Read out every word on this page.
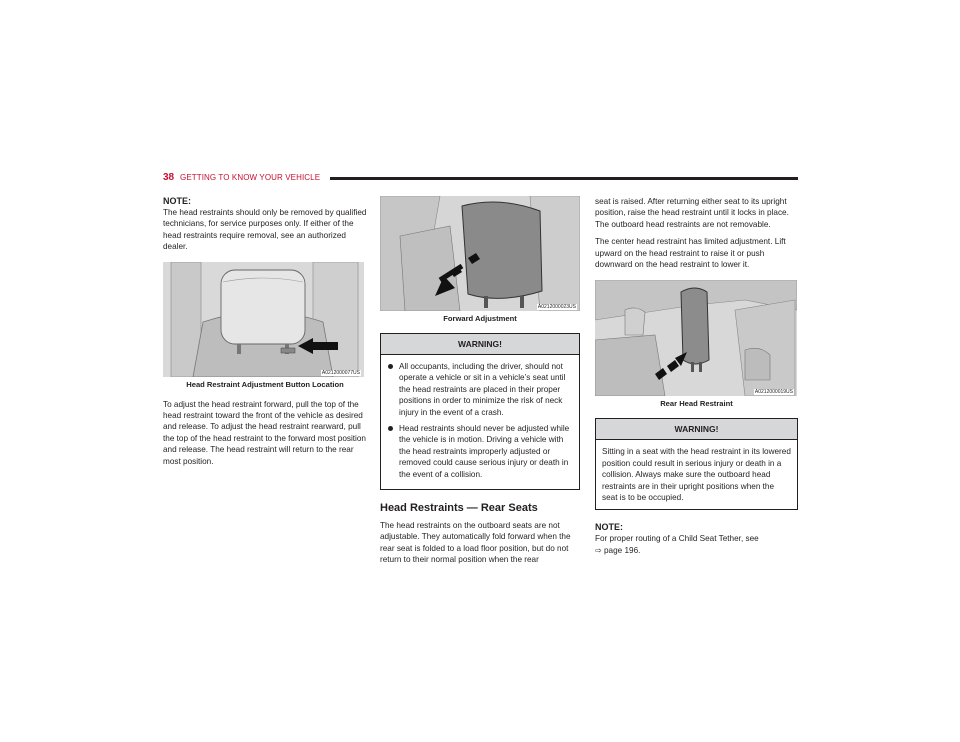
38 GETTING TO KNOW YOUR VEHICLE
NOTE:

The head restraints should only be removed by qualified technicians, for service purposes only. If either of the head restraints require removal, see an authorized dealer.

A0212000077US
Head Restraint Adjustment Button Location

To adjust the head restraint forward, pull the top of the head restraint toward the front of the vehicle as desired and release. To adjust the head restraint rearward, pull the top of the head restraint to the forward most position and release. The head restraint will return to the rear most position.

A0212000023US
Forward Adjustment
WARNING!
All occupants, including the driver, should not operate a vehicle or sit in a vehicle’s seat until the head restraints are placed in their proper positions in order to minimize the risk of neck injury in the event of a crash.
Head restraints should never be adjusted while the vehicle is in motion. Driving a vehicle with the head restraints improperly adjusted or removed could cause serious injury or death in the event of a collision.
Head Restraints — Rear Seats

The head restraints on the outboard seats are not adjustable. They automatically fold forward when the rear seat is folded to a load floor position, but do not return to their normal position when the rear

seat is raised. After returning either seat to its upright position, raise the head restraint until it locks in place. The outboard head restraints are not removable.

The center head restraint has limited adjustment. Lift upward on the head restraint to raise it or push downward on the head restraint to lower it.

A0212000019US
Rear Head Restraint
WARNING!

Sitting in a seat with the head restraint in its lowered position could result in serious injury or death in a collision. Always make sure the outboard head restraints are in their upright positions when the seat is to be occupied.

NOTE:

For proper routing of a Child Seat Tether, see

⇨ page 196.
